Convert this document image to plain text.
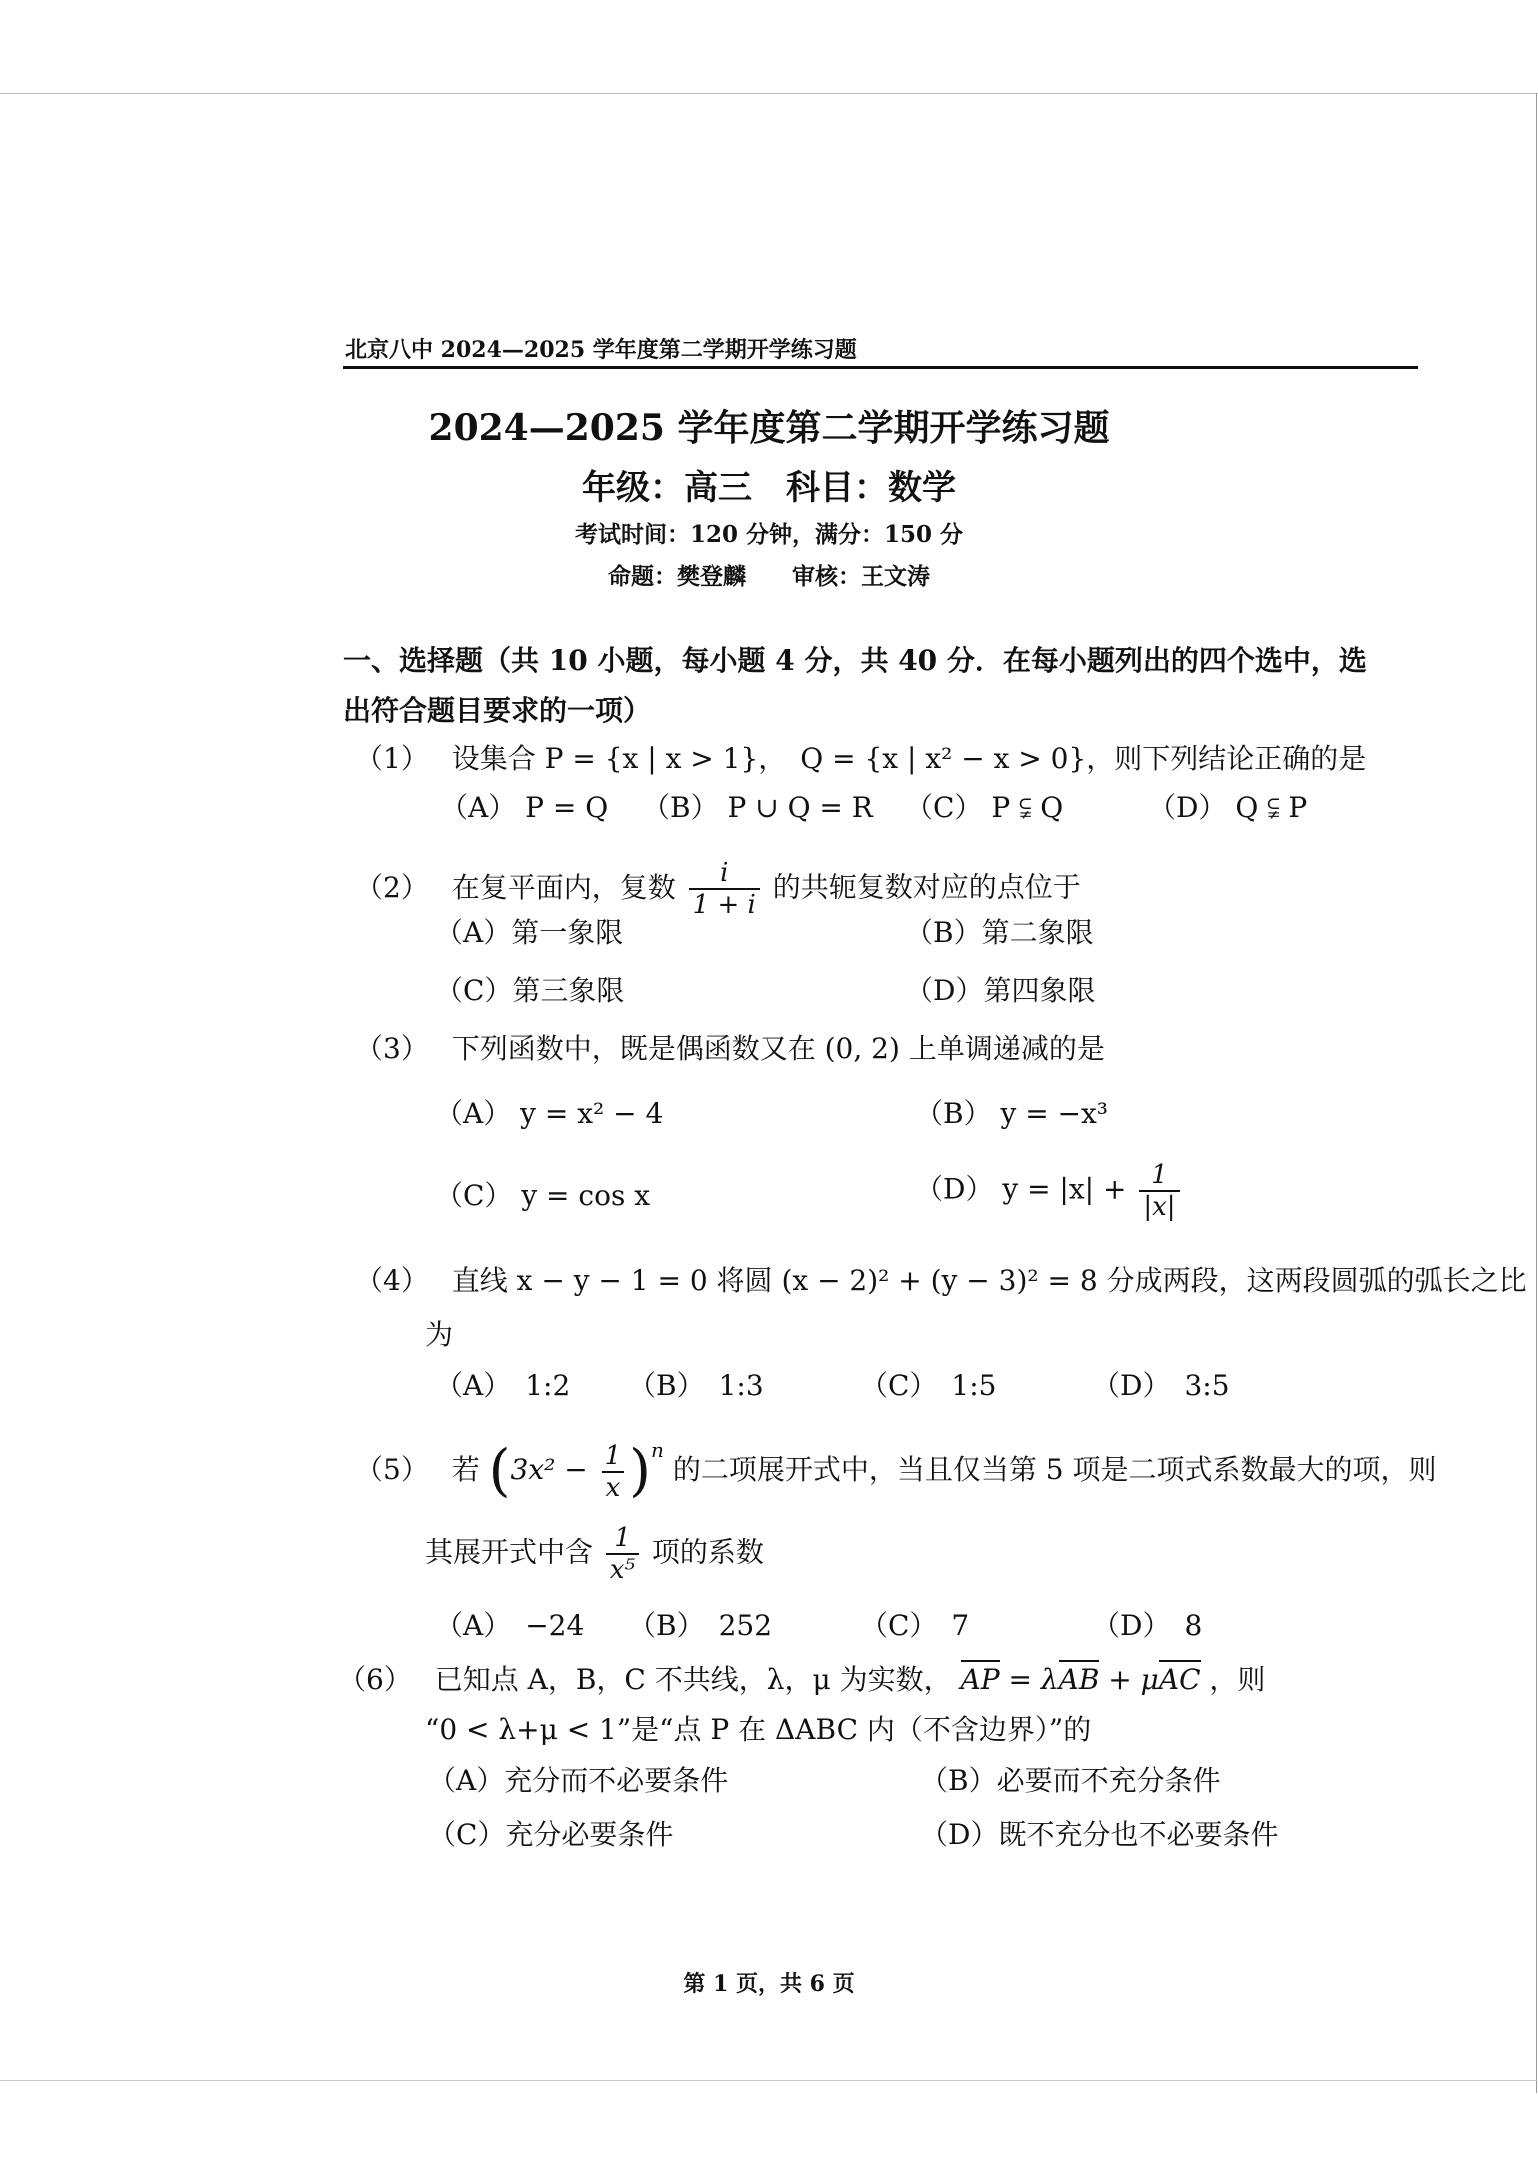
北京八中 2024—2025 学年度第二学期开学练习题
2024—2025 学年度第二学期开学练习题
年级：高三　科目：数学
考试时间：120 分钟，满分：150 分
命题：樊登麟　　审核：王文涛
一、选择题（共 10 小题，每小题 4 分，共 40 分．在每小题列出的四个选中，选出符合题目要求的一项）
（1） 设集合 P = {x | x > 1}，　Q = {x | x² − x > 0}，则下列结论正确的是
（A） P = Q （B） P ∪ Q = R （C） P ⫋ Q	（D） Q ⫋ P
（2） 在复平面内，复数 $\frac{i}{1 + i}$ 的共轭复数对应的点位于
（A）第一象限	（B）第二象限
（C）第三象限	（D）第四象限
（3） 下列函数中，既是偶函数又在 (0, 2) 上单调递减的是
（A） y = x² − 4	（B） y = −x³
（C） y = cos x	（D） $y = |x| + \frac{1}{|x|}$
（4） 直线 x − y − 1 = 0 将圆 (x − 2)² + (y − 3)² = 8 分成两段，这两段圆弧的弧长之比
为
（A）　1:2 （B）　1:3	（C）　1:5	（D）　3:5
（5） 若 $(3x^2 - \frac{1}{x} )^n$ 的二项展开式中，当且仅当第 5 项是二项式系数最大的项，则
其展开式中含 $\frac{1}{\text{x⁵}}$ 项的系数
（A）　−24 （B）　252	（C）　7	（D）　8
（6） 已知点 A，B，C 不共线，λ，μ 为实数， AP = λAB + μAC ，则
“0 < λ+μ < 1”是“点 P 在 ΔABC 内（不含边界）”的
（A）充分而不必要条件	（B）必要而不充分条件
（C）充分必要条件	（D）既不充分也不必要条件
第 1 页，共 6 页
